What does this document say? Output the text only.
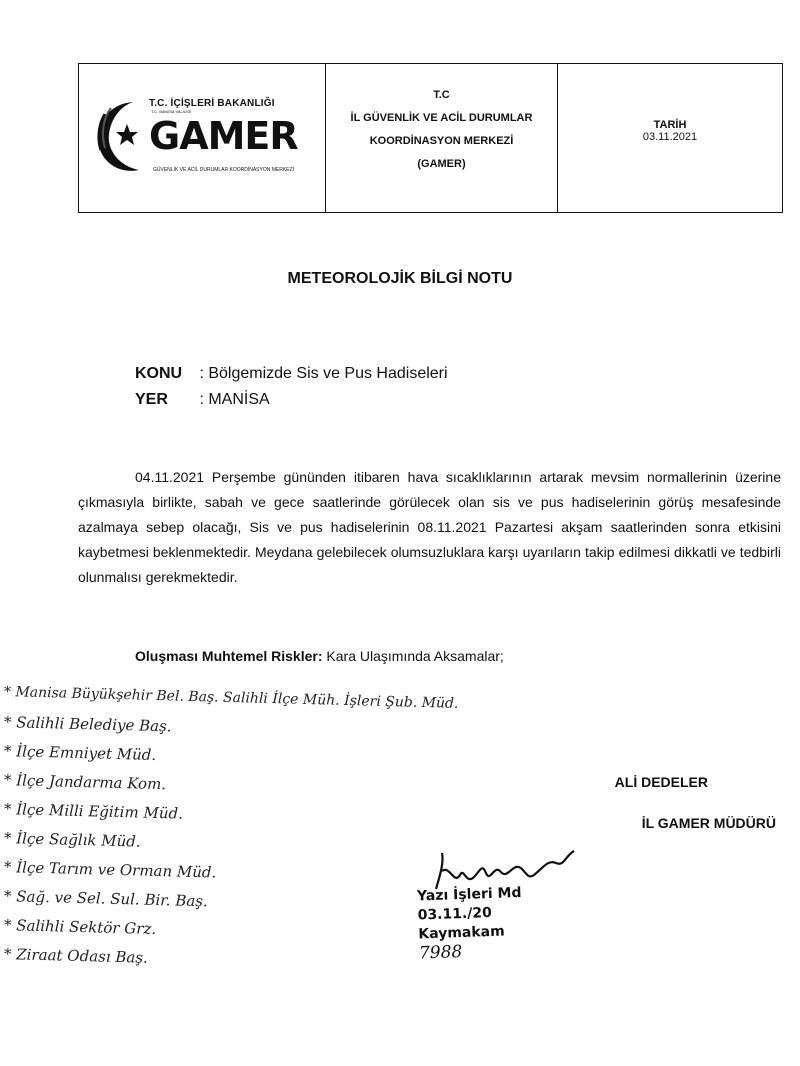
T.C. İÇİŞLERİ BAKANLIĞI
T.C. MANİSA VALİLİĞİ
GAMER
GÜVENLİK VE ACİL DURUMLAR KOORDİNASYON MERKEZİ
T.C
İL GÜVENLİK VE ACİL DURUMLAR
KOORDİNASYON MERKEZİ
(GAMER)
TARİH
03.11.2021
METEOROLOJİK BİLGİ NOTU
KONU : Bölgemizde Sis ve Pus Hadiseleri
YER : MANİSA
04.11.2021 Perşembe gününden itibaren hava sıcaklıklarının artarak mevsim normallerinin üzerine çıkmasıyla birlikte, sabah ve gece saatlerinde görülecek olan sis ve pus hadiselerinin görüş mesafesinde azalmaya sebep olacağı, Sis ve pus hadiselerinin 08.11.2021 Pazartesi akşam saatlerinden sonra etkisini kaybetmesi beklenmektedir. Meydana gelebilecek olumsuzluklara karşı uyarıların takip edilmesi dikkatli ve tedbirli olunmalısı gerekmektedir.
Oluşması Muhtemel Riskler: Kara Ulaşımında Aksamalar;
* Manisa Büyükşehir Bel. Baş. Salihli İlçe Müh. İşleri Şub. Müd.
* Salihli Belediye Baş.
* İlçe Emniyet Müd.
* İlçe Jandarma Kom.
* İlçe Milli Eğitim Müd.
* İlçe Sağlık Müd.
* İlçe Tarım ve Orman Müd.
* Sağ. ve Sel. Sul. Bir. Baş.
* Salihli Sektör Grz.
* Ziraat Odası Baş.
ALİ DEDELER
İL GAMER MÜDÜRÜ
Yazı İşleri Md
03.11./20
Kaymakam
7988
